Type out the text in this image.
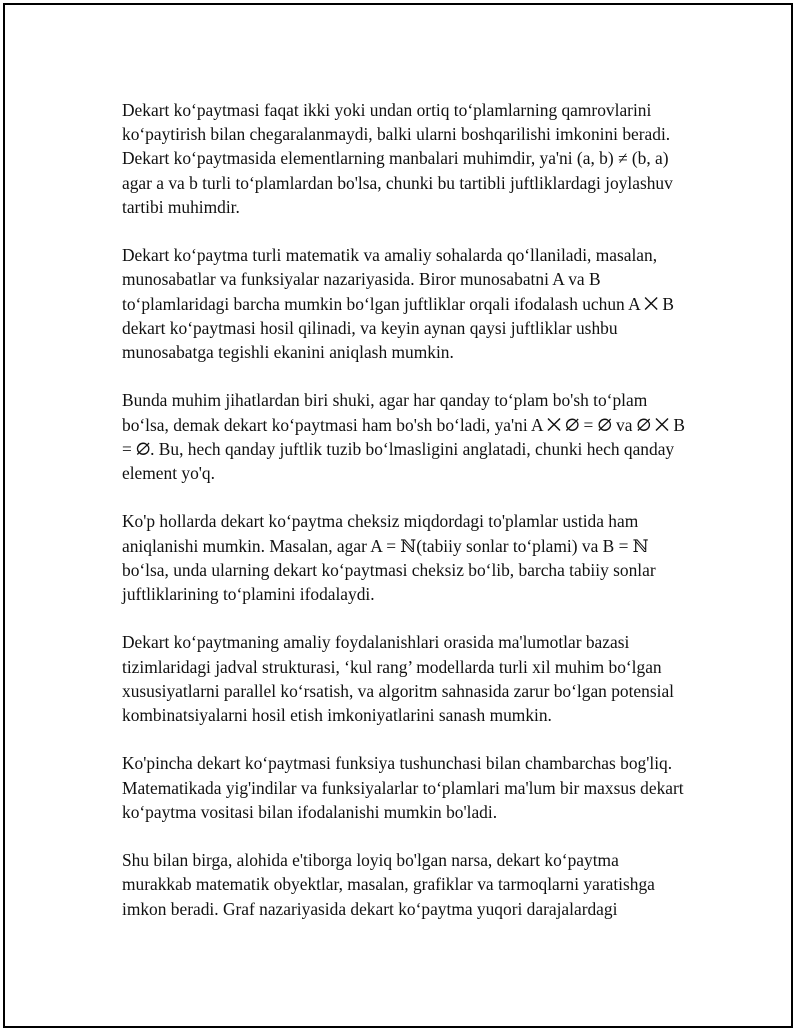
Dekart ko‘paytmasi faqat ikki yoki undan ortiq to‘plamlarning qamrovlarini ko‘paytirish bilan chegaralanmaydi, balki ularni boshqarilishi imkonini beradi. Dekart ko‘paytmasida elementlarning manbalari muhimdir, ya'ni (a, b) ≠ (b, a) agar a va b turli to‘plamlardan bo'lsa, chunki bu tartibli juftliklardagi joylashuv tartibi muhimdir.

Dekart ko‘paytma turli matematik va amaliy sohalarda qo‘llaniladi, masalan, munosabatlar va funksiyalar nazariyasida. Biror munosabatni A va B to‘plamlaridagi barcha mumkin bo‘lgan juftliklar orqali ifodalash uchun A ⨉ B dekart ko‘paytmasi hosil qilinadi, va keyin aynan qaysi juftliklar ushbu munosabatga tegishli ekanini aniqlash mumkin.

Bunda muhim jihatlardan biri shuki, agar har qanday to‘plam bo'sh to‘plam bo‘lsa, demak dekart ko‘paytmasi ham bo'sh bo‘ladi, ya'ni A ⨉ ∅ = ∅ va ∅ ⨉ B = ∅. Bu, hech qanday juftlik tuzib bo‘lmasligini anglatadi, chunki hech qanday element yo'q.

Ko'p hollarda dekart ko‘paytma cheksiz miqdordagi to'plamlar ustida ham aniqlanishi mumkin. Masalan, agar A = ℕ(tabiiy sonlar to‘plami) va B = ℕ bo‘lsa, unda ularning dekart ko‘paytmasi cheksiz bo‘lib, barcha tabiiy sonlar juftliklarining to‘plamini ifodalaydi.

Dekart ko‘paytmaning amaliy foydalanishlari orasida ma'lumotlar bazasi tizimlaridagi jadval strukturasi, ‘kul rang’ modellarda turli xil muhim bo‘lgan xususiyatlarni parallel ko‘rsatish, va algoritm sahnasida zarur bo‘lgan potensial kombinatsiyalarni hosil etish imkoniyatlarini sanash mumkin.

Ko'pincha dekart ko‘paytmasi funksiya tushunchasi bilan chambarchas bog'liq. Matematikada yig'indilar va funksiyalarlar to‘plamlari ma'lum bir maxsus dekart ko‘paytma vositasi bilan ifodalanishi mumkin bo'ladi.

Shu bilan birga, alohida e'tiborga loyiq bo'lgan narsa, dekart ko‘paytma murakkab matematik obyektlar, masalan, grafiklar va tarmoqlarni yaratishga imkon beradi. Graf nazariyasida dekart ko‘paytma yuqori darajalardagi
